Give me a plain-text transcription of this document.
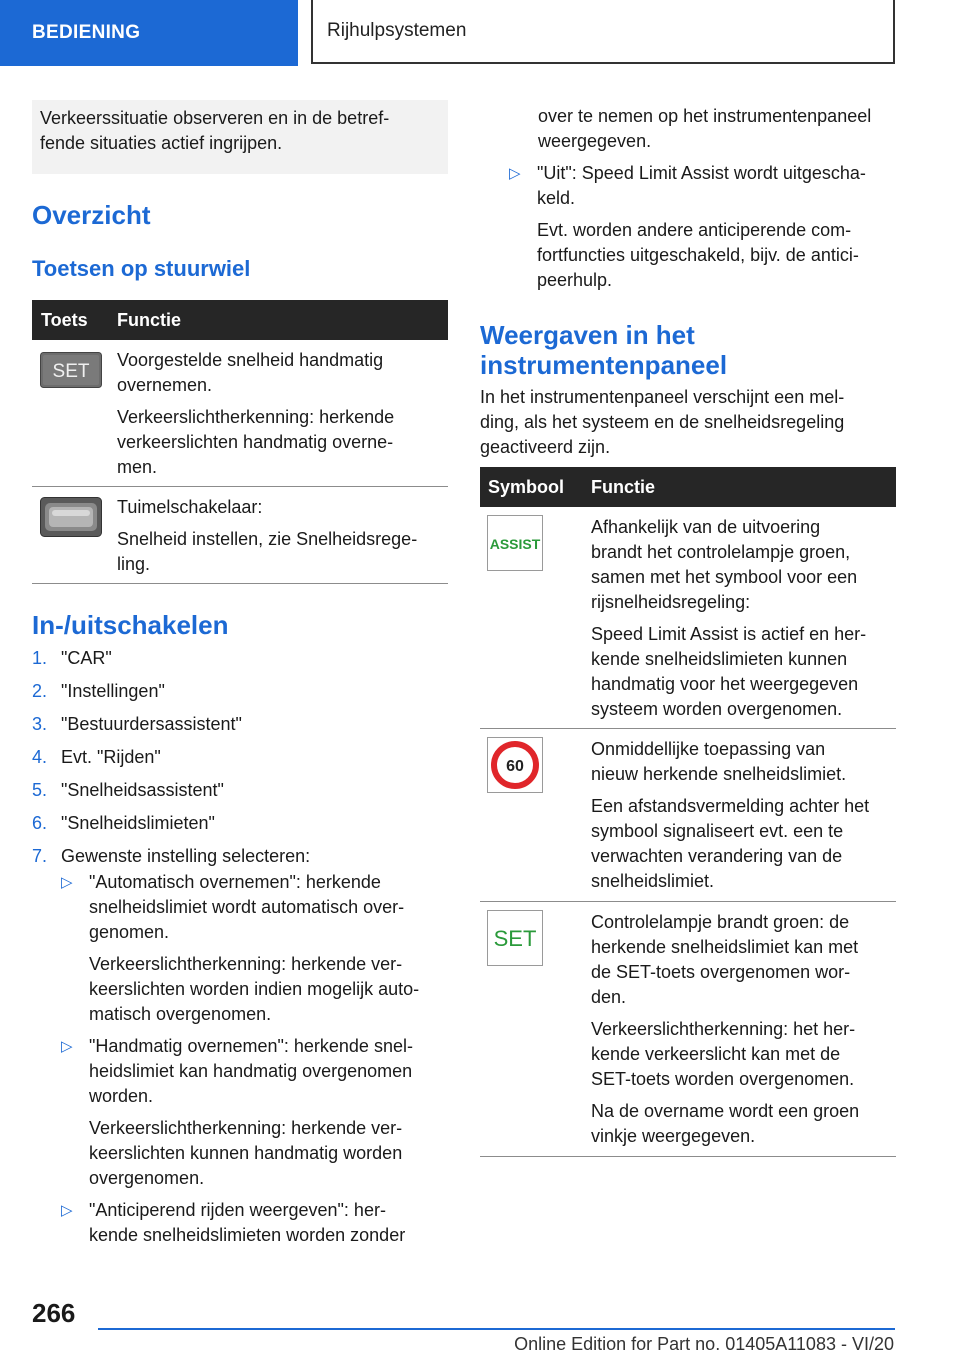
BEDIENING	Rijhulpsystemen
Verkeerssituatie observeren en in de betref-
fende situaties actief ingrijpen.
Overzicht
Toetsen op stuurwiel
Toets Functie
SET

Voorgestelde snelheid handmatig
overnemen.

Verkeerslichtherkenning: herkende
verkeerslichten handmatig overne-
men.

Tuimelschakelaar:

Snelheid instellen, zie Snelheidsrege-
ling.

In-/uitschakelen
1. "CAR"
2. "Instellingen"
3. "Bestuurdersassistent"
4. Evt. "Rijden"
5. "Snelheidsassistent"
6. "Snelheidslimieten"
7. Gewenste instelling selecteren:
▷ "Automatisch overnemen": herkende
snelheidslimiet wordt automatisch over-
genomen.

Verkeerslichtherkenning: herkende ver-
keerslichten worden indien mogelijk auto-
matisch overgenomen.

▷ "Handmatig overnemen": herkende snel-
heidslimiet kan handmatig overgenomen
worden.

Verkeerslichtherkenning: herkende ver-
keerslichten kunnen handmatig worden
overgenomen.

▷ "Anticiperend rijden weergeven": her-
kende snelheidslimieten worden zonder

over te nemen op het instrumentenpaneel
weergegeven.
▷ "Uit": Speed Limit Assist wordt uitgescha-
keld.

Evt. worden andere anticiperende com-
fortfuncties uitgeschakeld, bijv. de antici-
peerhulp.

Weergaven in het
instrumentenpaneel
In het instrumentenpaneel verschijnt een mel-
ding, als het systeem en de snelheidsregeling
geactiveerd zijn.
Symbool Functie
ASSIST

Afhankelijk van de uitvoering
brandt het controlelampje groen,
samen met het symbool voor een
rijsnelheidsregeling:

Speed Limit Assist is actief en her-
kende snelheidslimieten kunnen
handmatig voor het weergegeven
systeem worden overgenomen.

60

Onmiddellijke toepassing van
nieuw herkende snelheidslimiet.

Een afstandsvermelding achter het
symbool signaliseert evt. een te
verwachten verandering van de
snelheidslimiet.

SET

Controlelampje brandt groen: de
herkende snelheidslimiet kan met
de SET-toets overgenomen wor-
den.

Verkeerslichtherkenning: het her-
kende verkeerslicht kan met de
SET-toets worden overgenomen.

Na de overname wordt een groen
vinkje weergegeven.

266
Online Edition for Part no. 01405A11083 - VI/20
